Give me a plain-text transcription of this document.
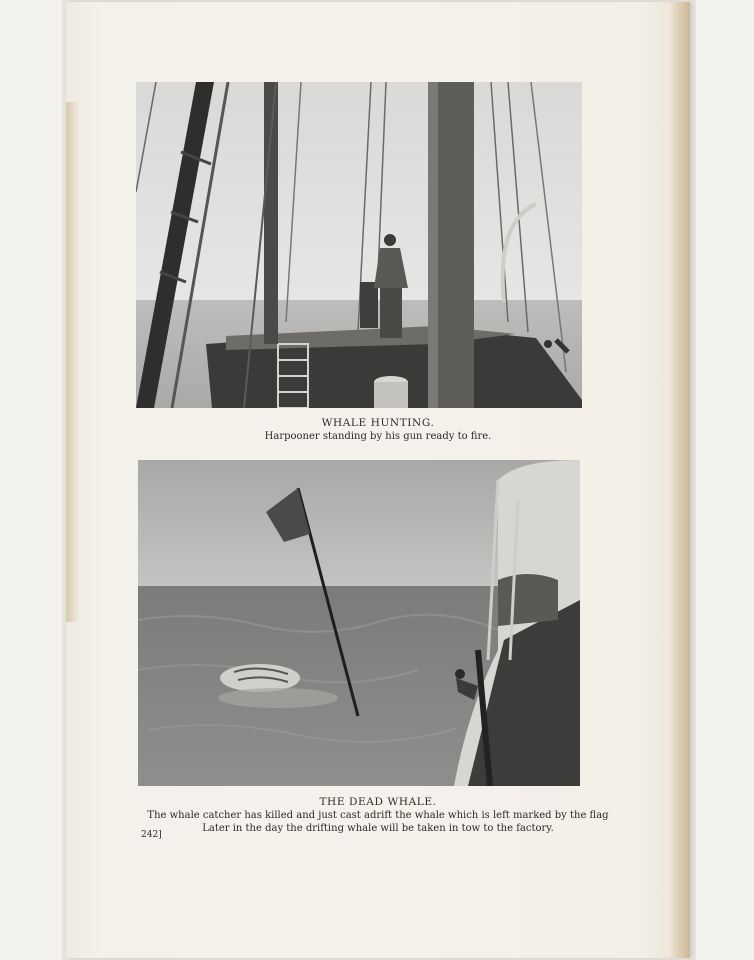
WHALE HUNTING.
Harpooner standing by his gun ready to fire.
THE DEAD WHALE.
The whale catcher has killed and just cast adrift the whale which is left marked by the flag
Later in the day the drifting whale will be taken in tow to the factory.
242]
